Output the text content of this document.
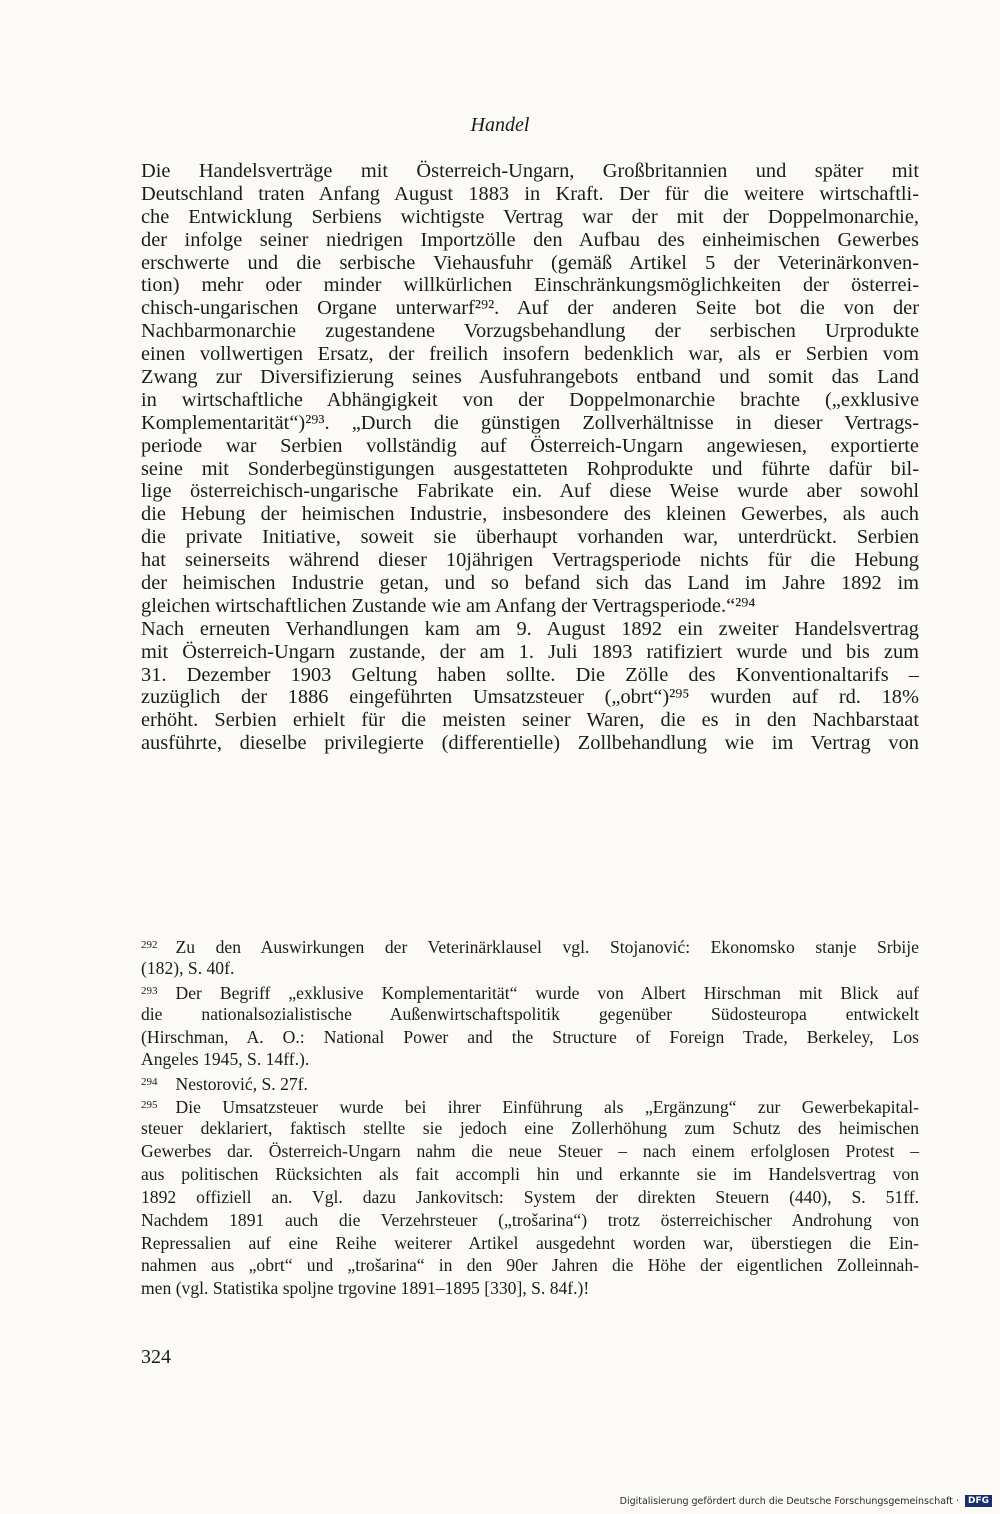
Handel
Die Handelsverträge mit Österreich-Ungarn, Großbritannien und später mit
Deutschland traten Anfang August 1883 in Kraft. Der für die weitere wirtschaftli-
che Entwicklung Serbiens wichtigste Vertrag war der mit der Doppelmonarchie,
der infolge seiner niedrigen Importzölle den Aufbau des einheimischen Gewerbes
erschwerte und die serbische Viehausfuhr (gemäß Artikel 5 der Veterinärkonven-
tion) mehr oder minder willkürlichen Einschränkungsmöglichkeiten der österrei-
chisch-ungarischen Organe unterwarf²⁹². Auf der anderen Seite bot die von der
Nachbarmonarchie zugestandene Vorzugsbehandlung der serbischen Urprodukte
einen vollwertigen Ersatz, der freilich insofern bedenklich war, als er Serbien vom
Zwang zur Diversifizierung seines Ausfuhrangebots entband und somit das Land
in wirtschaftliche Abhängigkeit von der Doppelmonarchie brachte („exklusive
Komplementarität“)²⁹³. „Durch die günstigen Zollverhältnisse in dieser Vertrags-
periode war Serbien vollständig auf Österreich-Ungarn angewiesen, exportierte
seine mit Sonderbegünstigungen ausgestatteten Rohprodukte und führte dafür bil-
lige österreichisch-ungarische Fabrikate ein. Auf diese Weise wurde aber sowohl
die Hebung der heimischen Industrie, insbesondere des kleinen Gewerbes, als auch
die private Initiative, soweit sie überhaupt vorhanden war, unterdrückt. Serbien
hat seinerseits während dieser 10jährigen Vertragsperiode nichts für die Hebung
der heimischen Industrie getan, und so befand sich das Land im Jahre 1892 im
gleichen wirtschaftlichen Zustande wie am Anfang der Vertragsperiode.“²⁹⁴
Nach erneuten Verhandlungen kam am 9. August 1892 ein zweiter Handelsvertrag
mit Österreich-Ungarn zustande, der am 1. Juli 1893 ratifiziert wurde und bis zum
31. Dezember 1903 Geltung haben sollte. Die Zölle des Konventionaltarifs –
zuzüglich der 1886 eingeführten Umsatzsteuer („obrt“)²⁹⁵ wurden auf rd. 18%
erhöht. Serbien erhielt für die meisten seiner Waren, die es in den Nachbarstaat
ausführte, dieselbe privilegierte (differentielle) Zollbehandlung wie im Vertrag von
$^{292}$ Zu den Auswirkungen der Veterinärklausel vgl. Stojanović: Ekonomsko stanje Srbije
(182), S. 40f.
$^{293}$ Der Begriff „exklusive Komplementarität“ wurde von Albert Hirschman mit Blick auf
die nationalsozialistische Außenwirtschaftspolitik gegenüber Südosteuropa entwickelt
(Hirschman, A. O.: National Power and the Structure of Foreign Trade, Berkeley, Los
Angeles 1945, S. 14ff.).
$^{294}$ Nestorović, S. 27f.
$^{295}$ Die Umsatzsteuer wurde bei ihrer Einführung als „Ergänzung“ zur Gewerbekapital-
steuer deklariert, faktisch stellte sie jedoch eine Zollerhöhung zum Schutz des heimischen
Gewerbes dar. Österreich-Ungarn nahm die neue Steuer – nach einem erfolglosen Protest –
aus politischen Rücksichten als fait accompli hin und erkannte sie im Handelsvertrag von
1892 offiziell an. Vgl. dazu Jankovitsch: System der direkten Steuern (440), S. 51ff.
Nachdem 1891 auch die Verzehrsteuer („trošarina“) trotz österreichischer Androhung von
Repressalien auf eine Reihe weiterer Artikel ausgedehnt worden war, überstiegen die Ein-
nahmen aus „obrt“ und „trošarina“ in den 90er Jahren die Höhe der eigentlichen Zolleinnah-
men (vgl. Statistika spoljne trgovine 1891–1895 [330], S. 84f.)!
324
Digitalisierung gefördert durch die Deutsche Forschungsgemeinschaft ·	DFG
